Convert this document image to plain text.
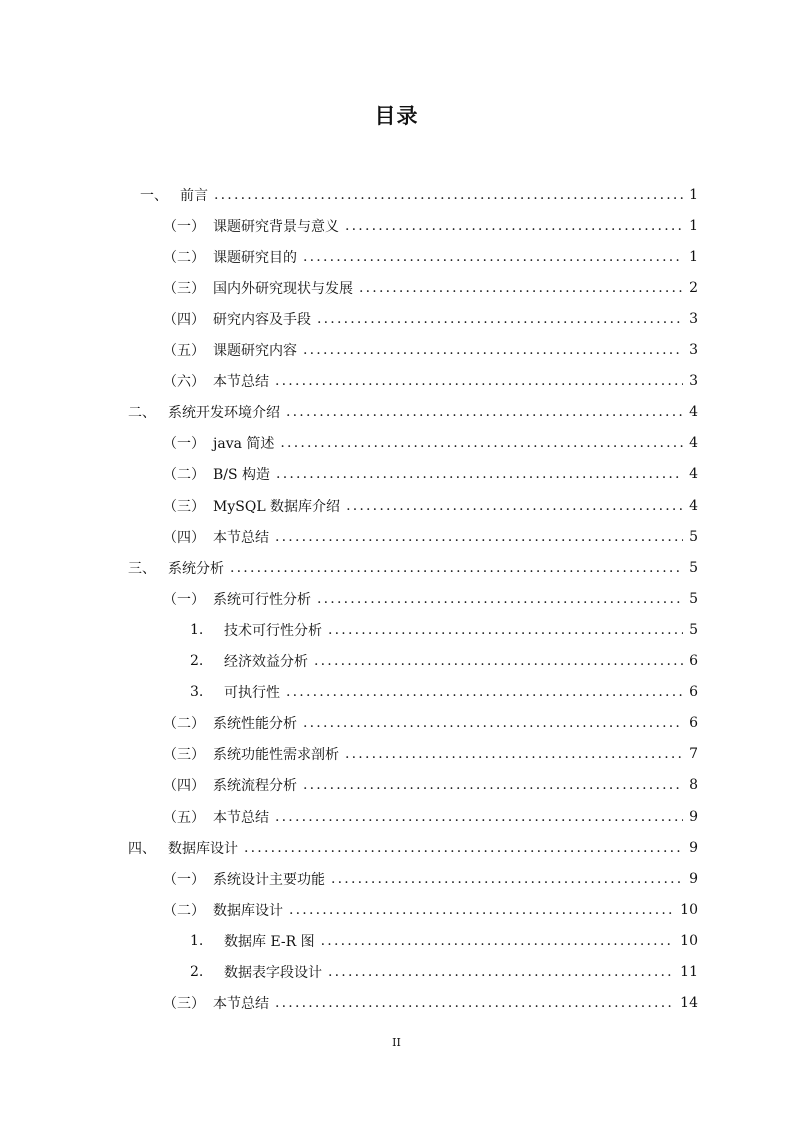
目录
一、 前言 .....	1
（一） 课题研究背景与意义 .....	1
（二） 课题研究目的 .....	1
（三） 国内外研究现状与发展 .....	2
（四） 研究内容及手段 .....	3
（五） 课题研究内容 .....	3
（六） 本节总结 .....	3
二、 系统开发环境介绍 .....	4
（一） java 简述 .....	4
（二） B/S 构造 .....	4
（三） MySQL 数据库介绍 .....	4
（四） 本节总结 .....	5
三、 系统分析 .....	5
（一） 系统可行性分析 .....	5
1.	技术可行性分析 .....	5
2.	经济效益分析 .....	6
3.	可执行性 .....	6
（二） 系统性能分析 .....	6
（三） 系统功能性需求剖析 .....	7
（四） 系统流程分析 .....	8
（五） 本节总结 .....	9
四、 数据库设计 .....	9
（一） 系统设计主要功能 .....	9
（二） 数据库设计 .....	10
1.	数据库 E-R 图 .....	10
2.	数据表字段设计 .....	11
（三） 本节总结 .....	14
II
